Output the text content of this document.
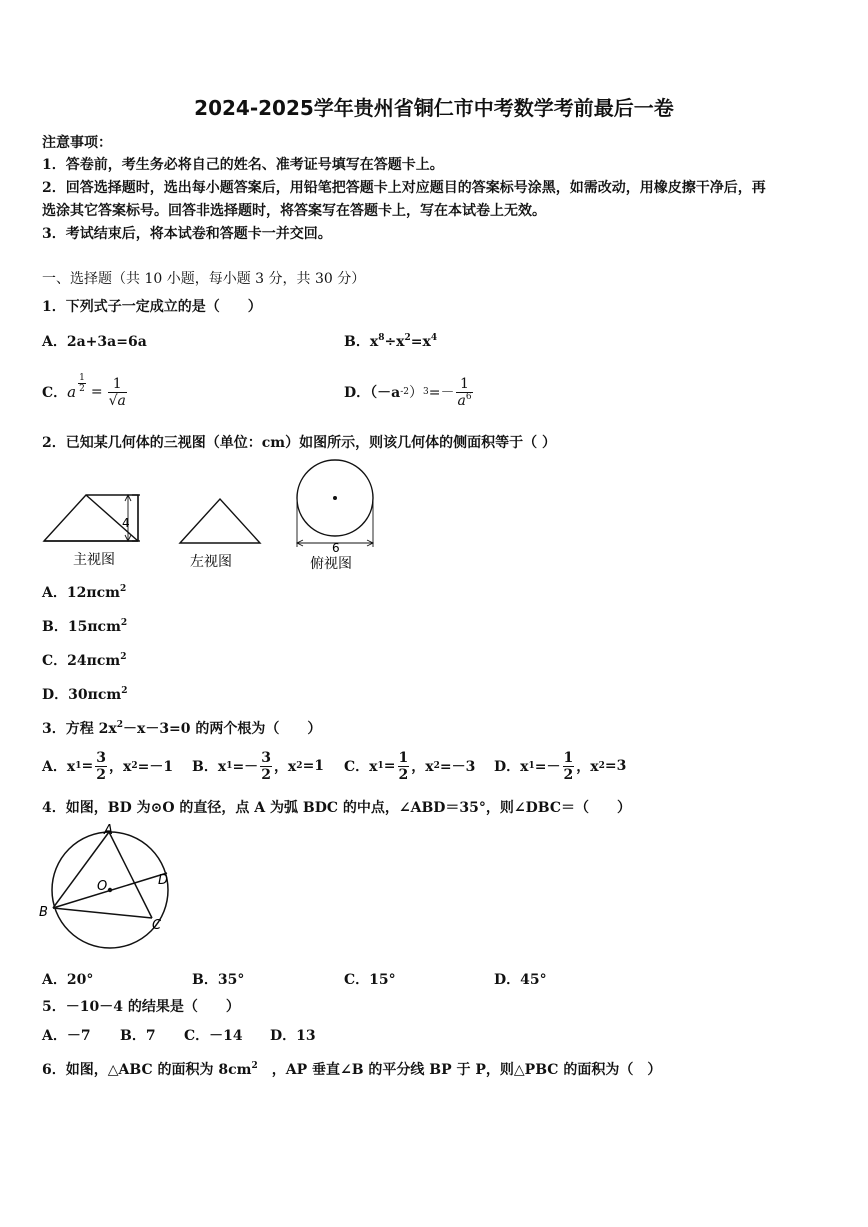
2024-2025学年贵州省铜仁市中考数学考前最后一卷
注意事项：
1．答卷前，考生务必将自己的姓名、准考证号填写在答题卡上。
2．回答选择题时，选出每小题答案后，用铅笔把答题卡上对应题目的答案标号涂黑，如需改动，用橡皮擦干净后，再
选涂其它答案标号。回答非选择题时，将答案写在答题卡上，写在本试卷上无效。
3．考试结束后，将本试卷和答题卡一并交回。
一、选择题（共 10 小题，每小题 3 分，共 30 分）
1．下列式子一定成立的是（　　）
A．2a+3a=6a	B．$x^8\div x^2=x^4$
C． a $\frac{1}{2} = \frac{1}{√a}$	D．（－a -2 ） $3 =- \frac{1}{a^6}$
2．已知某几何体的三视图（单位：cm）如图所示，则该几何体的侧面积等于（ ）
4
主视图	左视图
6
俯视图
A．12πcm$^2$
B．15πcm$^2$
C．24πcm$^2$
D．30πcm$^2$
3．方程 $2x^2-x-3=0$ 的两个根为（　　）
A．x $1 = \frac{3}{2}$ ，x 2 =－1 B．x $1 =- \frac{3}{2}$ ，x 2 =1 C．x $1 = \frac{1}{2}$ ，x 2 =－3 D．x $1 =- \frac{1}{2}$ ，x 2 =3
4．如图，BD 为⊙O 的直径，点 A 为弧 BDC 的中点，∠ABD＝35°，则∠DBC＝（　　）
A
B
C
D
O
A．20°	B．35°	C．15°	D．45°
5．－10－4 的结果是（　　）
A．－7 B．7 C．－14 D．13
6．如图，△ABC 的面积为 $8cm^2$　，AP 垂直∠B 的平分线 BP 于 P，则△PBC 的面积为（　）
